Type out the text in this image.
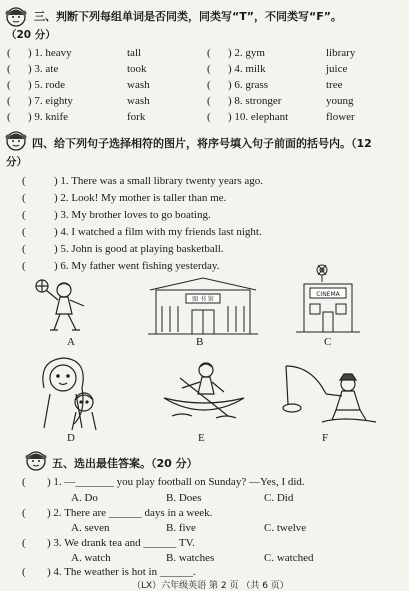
三、判断下列每组单词是否同类，同类写“T”，不同类写“F”。
（20 分）
( ) 1. heavy	tall	( ) 2. gym	library
( ) 3. ate	took	( ) 4. milk	juice
( ) 5. rode	wash	( ) 6. grass	tree
( ) 7. eighty	wash	( ) 8. stronger	young
( ) 9. knife	fork	( ) 10. elephant	flower
四、给下列句子选择相符的图片，将序号填入句子前面的括号内。（12
分）
(	) 1. There was a small library twenty years ago.
(	) 2. Look! My mother is taller than me.
(	) 3. My brother loves to go boating.
(	) 4. I watched a film with my friends last night.
(	) 5. John is good at playing basketball.
(	) 6. My father went fishing yesterday.
A
图 书 馆
B
CINEMA
C
D	E	F
五、选出最佳答案。（20 分）
( ) 1. —_______ you play football on Sunday? —Yes, I did.
A. Do	B. Does	C. Did
( ) 2. There are ______ days in a week.
A. seven	B. five	C. twelve
( ) 3. We drank tea and ______ TV.
A. watch	B. watches	C. watched
( ) 4. The weather is hot in ______.
（LX）六年级英语 第 2 页 （共 6 页）
